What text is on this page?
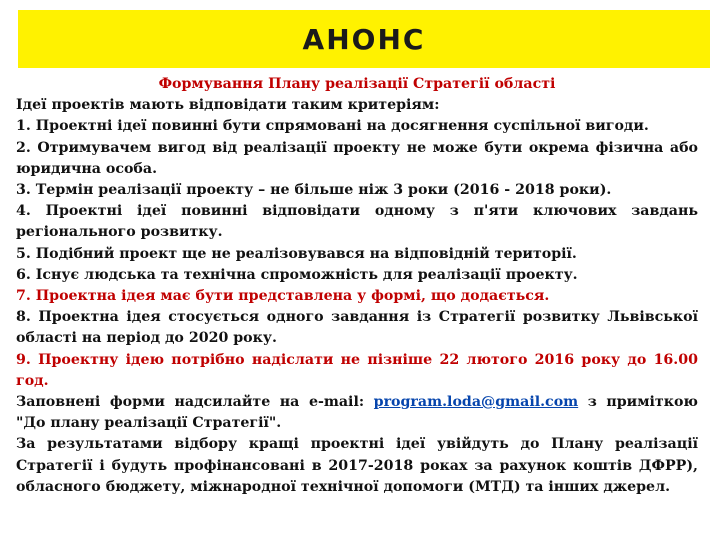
АНОНС
Формування Плану реалізації Стратегії області
Ідеї проектів мають відповідати таким критеріям:
1. Проектні ідеї повинні бути спрямовані на досягнення суспільної вигоди.
2. Отримувачем вигод від реалізації проекту не може бути окрема фізична або юридична особа.
3. Термін реалізації проекту – не більше ніж 3 роки (2016 - 2018 роки).
4. Проектні ідеї повинні відповідати одному з п'яти ключових завдань регіонального розвитку.
5. Подібний проект ще не реалізовувався на відповідній території.
6. Існує людська та технічна спроможність для реалізації проекту.
7. Проектна ідея має бути представлена у формі, що додається.
8. Проектна ідея стосується одного завдання із Стратегії розвитку Львівської області на період до 2020 року.
9. Проектну ідею потрібно надіслати не пізніше 22 лютого 2016 року до 16.00 год.
Заповнені форми надсилайте на e-mail: program.loda@gmail.com з приміткою "До плану реалізації Стратегії".
За результатами відбору кращі проектні ідеї увійдуть до Плану реалізації Стратегії і будуть профінансовані в 2017-2018 роках за рахунок коштів ДФРР), обласного бюджету, міжнародної технічної допомоги (МТД) та інших джерел.
